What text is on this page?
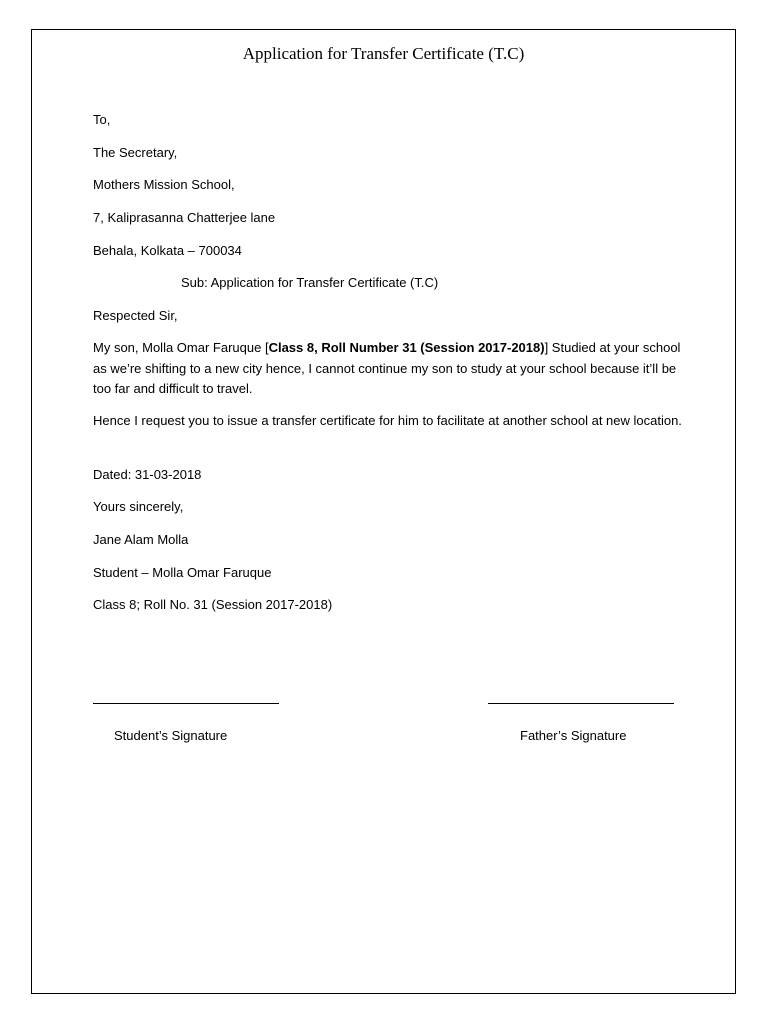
Application for Transfer Certificate (T.C)
To,
The Secretary,
Mothers Mission School,
7, Kaliprasanna Chatterjee lane
Behala, Kolkata – 700034
Sub: Application for Transfer Certificate (T.C)
Respected Sir,
My son, Molla Omar Faruque [Class 8, Roll Number 31 (Session 2017-2018)] Studied at your school as we’re shifting to a new city hence, I cannot continue my son to study at your school because it’ll be too far and difficult to travel.
Hence I request you to issue a transfer certificate for him to facilitate at another school at new location.
Dated: 31-03-2018
Yours sincerely,
Jane Alam Molla
Student – Molla Omar Faruque
Class 8; Roll No. 31 (Session 2017-2018)
Student’s Signature	Father’s Signature
